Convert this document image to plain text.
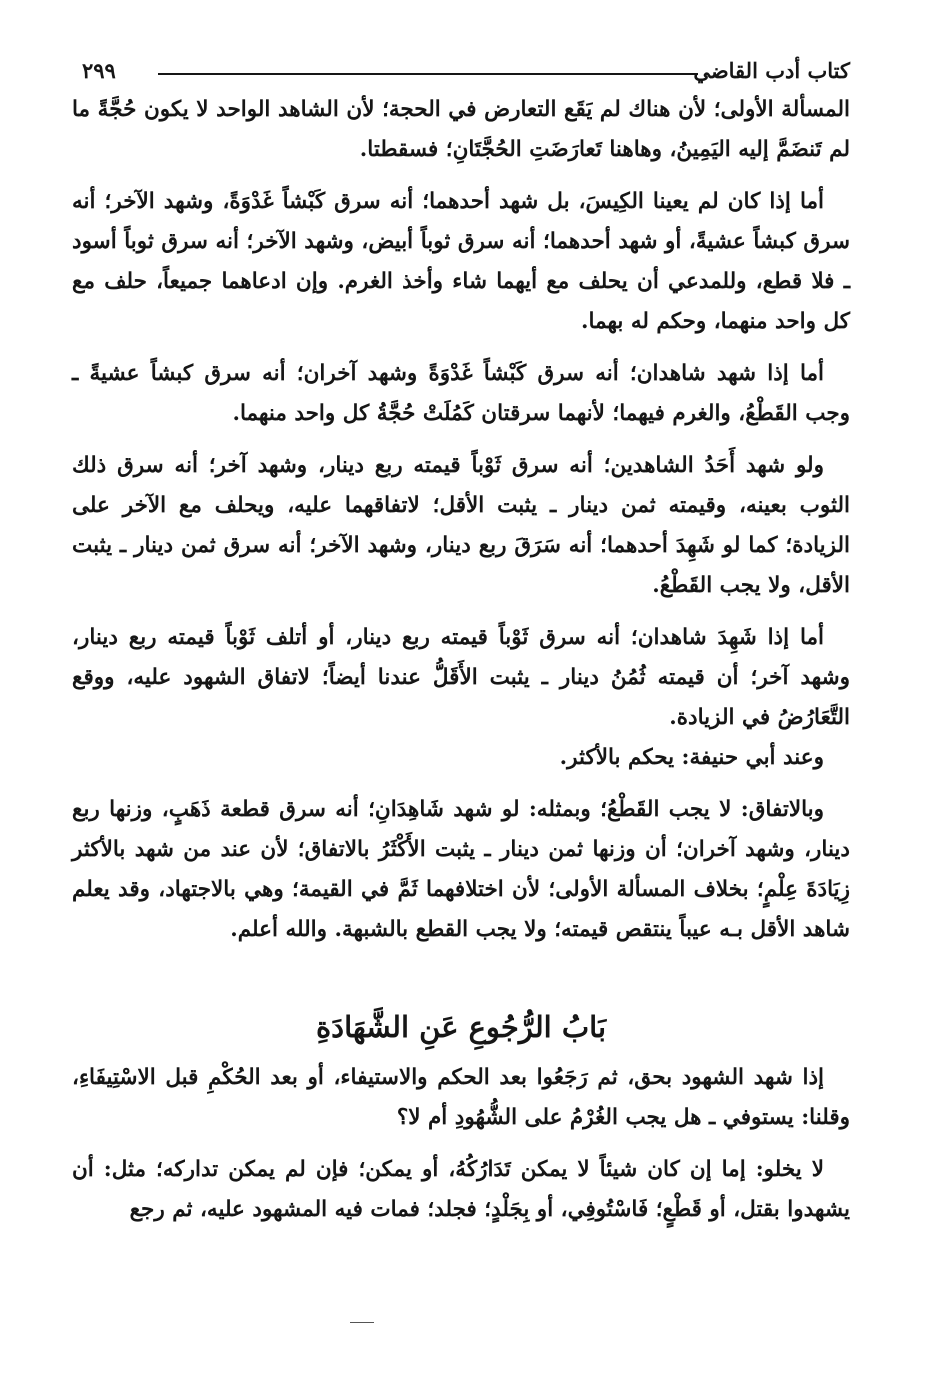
كتاب أدب القاضي
٢٩٩

المسألة الأولى؛ لأن هناك لم يَقَع التعارض في الحجة؛ لأن الشاهد الواحد لا يكون حُجَّةً ما لم تَنضَمَّ إليه اليَمِينُ، وهاهنا تَعارَضَتِ الحُجَّتَانِ؛ فسقطتا.

أما إذا كان لم يعينا الكِيسَ، بل شهد أحدهما؛ أنه سرق كَبْشاً غَدْوَةً، وشهد الآخر؛ أنه سرق كبشاً عشيةً، أو شهد أحدهما؛ أنه سرق ثوباً أبيض، وشهد الآخر؛ أنه سرق ثوباً أسود ـ فلا قطع، وللمدعي أن يحلف مع أيهما شاء وأخذ الغرم. وإن ادعاهما جميعاً، حلف مع كل واحد منهما، وحكم له بهما.

أما إذا شهد شاهدان؛ أنه سرق كَبْشاً غَدْوَةً وشهد آخران؛ أنه سرق كبشاً عشيةً ـ وجب القَطْعُ، والغرم فيهما؛ لأنهما سرقتان كَمُلَتْ حُجَّةُ كل واحد منهما.

ولو شهد أَحَدُ الشاهدين؛ أنه سرق ثَوْباً قيمته ربع دينار، وشهد آخر؛ أنه سرق ذلك الثوب بعينه، وقيمته ثمن دينار ـ يثبت الأقل؛ لاتفاقهما عليه، ويحلف مع الآخر على الزيادة؛ كما لو شَهِدَ أحدهما؛ أنه سَرَقَ ربع دينار، وشهد الآخر؛ أنه سرق ثمن دينار ـ يثبت الأقل، ولا يجب القَطْعُ.

أما إذا شَهِدَ شاهدان؛ أنه سرق ثَوْباً قيمته ربع دينار، أو أتلف ثَوْباً قيمته ربع دينار، وشهد آخر؛ أن قيمته ثُمُنُ دينار ـ يثبت الأَقَلُّ عندنا أيضاً؛ لاتفاق الشهود عليه، ووقع التَّعَارُضُ في الزيادة.

وعند أبي حنيفة: يحكم بالأكثر.

وبالاتفاق: لا يجب القَطْعُ؛ وبمثله: لو شهد شَاهِدَانِ؛ أنه سرق قطعة ذَهَبٍ، وزنها ربع دينار، وشهد آخران؛ أن وزنها ثمن دينار ـ يثبت الأَكْثَرُ بالاتفاق؛ لأن عند من شهد بالأكثر زِيَادَةَ عِلْمٍ؛ بخلاف المسألة الأولى؛ لأن اختلافهما ثَمَّ في القيمة؛ وهي بالاجتهاد، وقد يعلم شاهد الأقل بـه عيباً ينتقص قيمته؛ ولا يجب القطع بالشبهة. والله أعلم.

بَابُ الرُّجُوعِ عَنِ الشَّهَادَةِ

إذا شهد الشهود بحق، ثم رَجَعُوا بعد الحكم والاستيفاء، أو بعد الحُكْمِ قبل الاسْتِيفَاءِ، وقلنا: يستوفي ـ هل يجب الغُرْمُ على الشُّهُودِ أم لا؟

لا يخلو: إما إن كان شيئاً لا يمكن تَدَارُكُهُ، أو يمكن؛ فإن لم يمكن تداركه؛ مثل: أن يشهدوا بقتل، أو قَطْعٍ؛ فَاسْتُوفِي، أو بِجَلْدٍ؛ فجلد؛ فمات فيه المشهود عليه، ثم رجع
